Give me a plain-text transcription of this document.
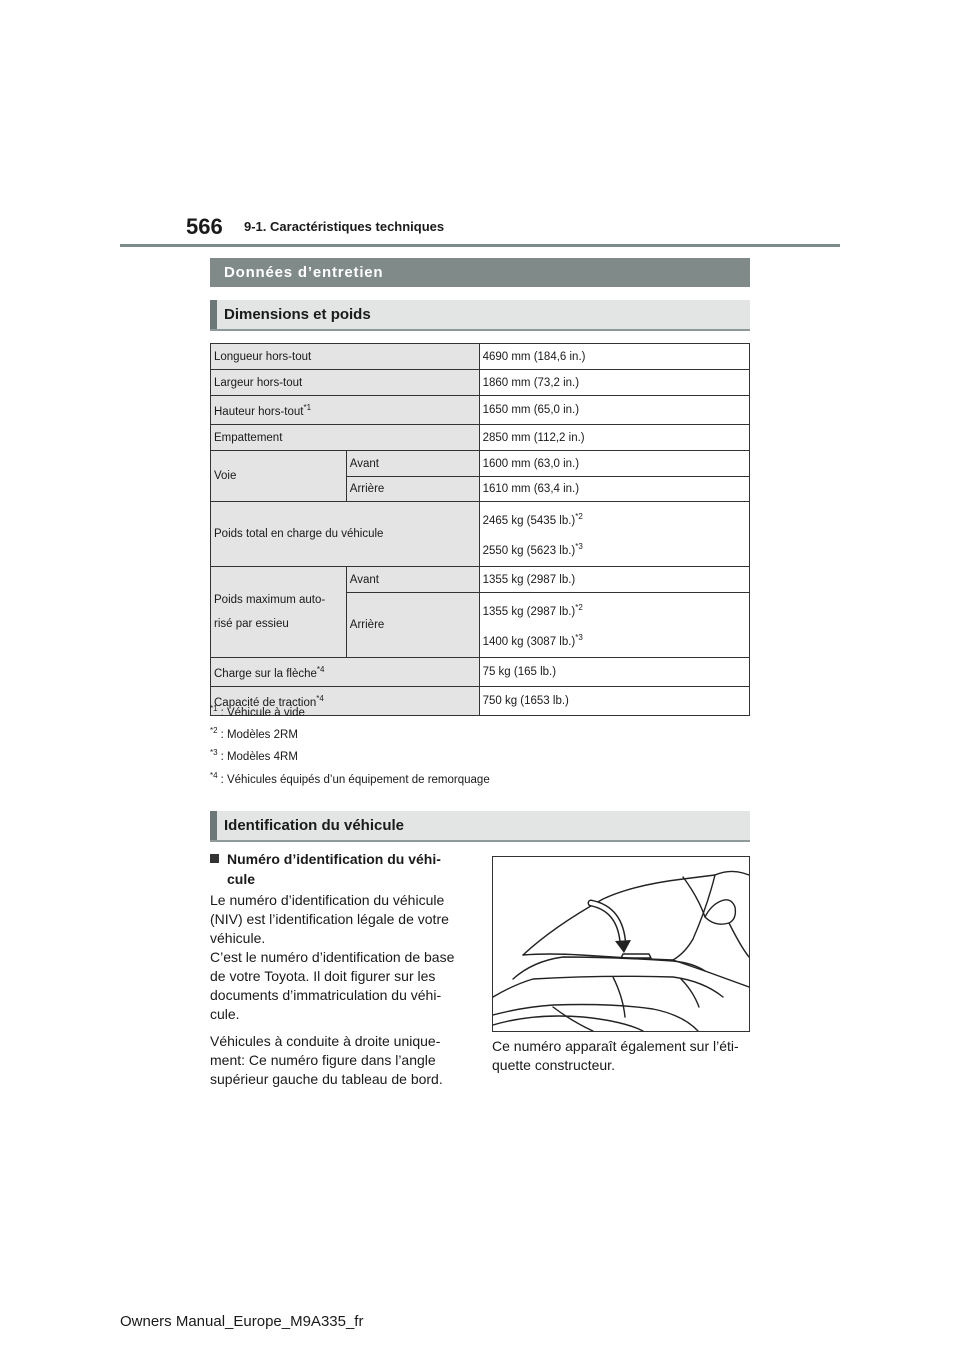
566 9-1. Caractéristiques techniques
Données d’entretien
Dimensions et poids
Longueur hors-tout		4690 mm (184,6 in.)
Largeur hors-tout		1860 mm (73,2 in.)
Hauteur hors-tout$^{*1}$		1650 mm (65,0 in.)
Empattement		2850 mm (112,2 in.)
Voie	Avant	1600 mm (63,0 in.)
	Arrière	1610 mm (63,4 in.)
Poids total en charge du véhicule		2465 kg (5435 lb.)$^{*2}$
2550 kg (5623 lb.)$^{*3}$

Poids maximum auto-
risé par essieu	Avant	1355 kg (2987 lb.)
	Arrière	1355 kg (2987 lb.)$^{*2}$
1400 kg (3087 lb.)$^{*3}$

Charge sur la flèche$^{*4}$		75 kg (165 lb.)
Capacité de traction$^{*4}$		750 kg (1653 lb.)
$^{*1}$ : Véhicule à vide
$^{*2}$ : Modèles 2RM
$^{*3}$ : Modèles 4RM
$^{*4}$ : Véhicules équipés d’un équipement de remorquage
Identification du véhicule
Numéro d’identification du véhi-
cule

Le numéro d’identification du véhicule
(NIV) est l’identification légale de votre
véhicule.
C’est le numéro d’identification de base
de votre Toyota. Il doit figurer sur les
documents d’immatriculation du véhi-
cule.

Véhicules à conduite à droite unique-
ment: Ce numéro figure dans l’angle
supérieur gauche du tableau de bord.

Ce numéro apparaît également sur l’éti-
quette constructeur.
Owners Manual_Europe_M9A335_fr
